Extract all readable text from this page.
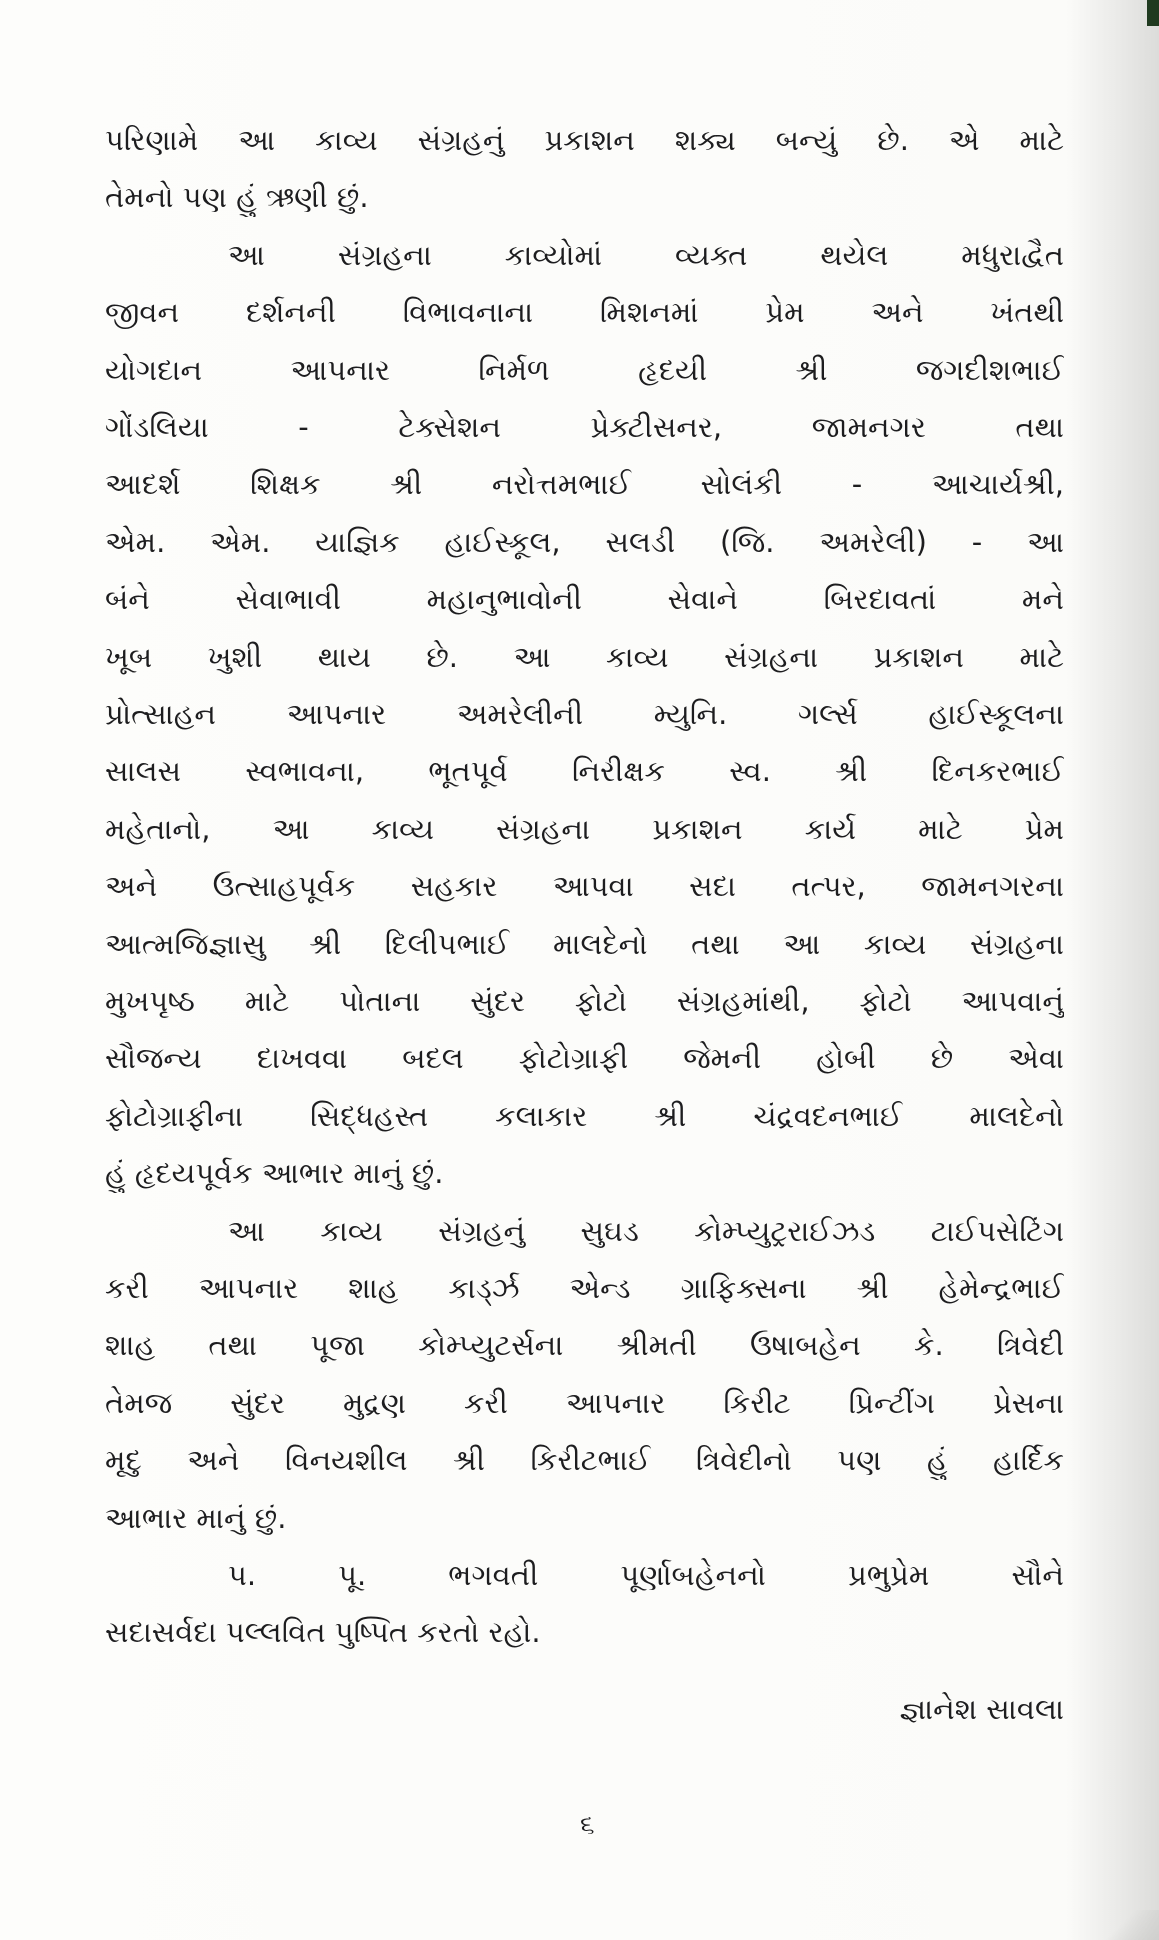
પરિણામે આ કાવ્ય સંગ્રહનું પ્રકાશન શક્ય બન્યું છે. એ માટે
તેમનો પણ હું ઋણી છું.
આ સંગ્રહના કાવ્યોમાં વ્યક્ત થયેલ મધુરાદ્વૈત
જીવન દર્શનની વિભાવનાના મિશનમાં પ્રેમ અને ખંતથી
યોગદાન આપનાર નિર્મળ હૃદયી શ્રી જગદીશભાઈ
ગોંડલિયા - ટેક્સેશન પ્રેક્ટીસનર, જામનગર તથા
આદર્શ શિક્ષક શ્રી નરોત્તમભાઈ સોલંકી - આચાર્યશ્રી,
એમ. એમ. યાજ્ઞિક હાઈસ્કૂલ, સલડી (જિ. અમરેલી) - આ
બંને સેવાભાવી મહાનુભાવોની સેવાને બિરદાવતાં મને
ખૂબ ખુશી થાય છે. આ કાવ્ય સંગ્રહના પ્રકાશન માટે
પ્રોત્સાહન આપનાર અમરેલીની મ્યુનિ. ગર્લ્સ હાઈસ્કૂલના
સાલસ સ્વભાવના, ભૂતપૂર્વ નિરીક્ષક સ્વ. શ્રી દિનકરભાઈ
મહેતાનો, આ કાવ્ય સંગ્રહના પ્રકાશન કાર્ય માટે પ્રેમ
અને ઉત્સાહપૂર્વક સહકાર આપવા સદા તત્પર, જામનગરના
આત્મજિજ્ઞાસુ શ્રી દિલીપભાઈ માલદેનો તથા આ કાવ્ય સંગ્રહના
મુખપૃષ્ઠ માટે પોતાના સુંદર ફોટો સંગ્રહમાંથી, ફોટો આપવાનું
સૌજન્ય દાખવવા બદલ ફોટોગ્રાફી જેમની હોબી છે એવા
ફોટોગ્રાફીના સિદ્ધહસ્ત કલાકાર શ્રી ચંદ્રવદનભાઈ માલદેનો
હું હૃદયપૂર્વક આભાર માનું છું.
આ કાવ્ય સંગ્રહનું સુઘડ કોમ્પ્યુટ્રરાઈઝડ ટાઈપસેટિંગ
કરી આપનાર શાહ કાર્ડ્ઝ એન્ડ ગ્રાફિક્સના શ્રી હેમેન્દ્રભાઈ
શાહ તથા પૂજા કોમ્પ્યુટર્સના શ્રીમતી ઉષાબહેન કે. ત્રિવેદી
તેમજ સુંદર મુદ્રણ કરી આપનાર કિરીટ પ્રિન્ટીંગ પ્રેસના
મૃદુ અને વિનયશીલ શ્રી કિરીટભાઈ ત્રિવેદીનો પણ હું હાર્દિક
આભાર માનું છું.
પ. પૂ. ભગવતી પૂર્ણાબહેનનો પ્રભુપ્રેમ સૌને
સદાસર્વદા પલ્લવિત પુષ્પિત કરતો રહો.
જ્ઞાનેશ સાવલા
૬
